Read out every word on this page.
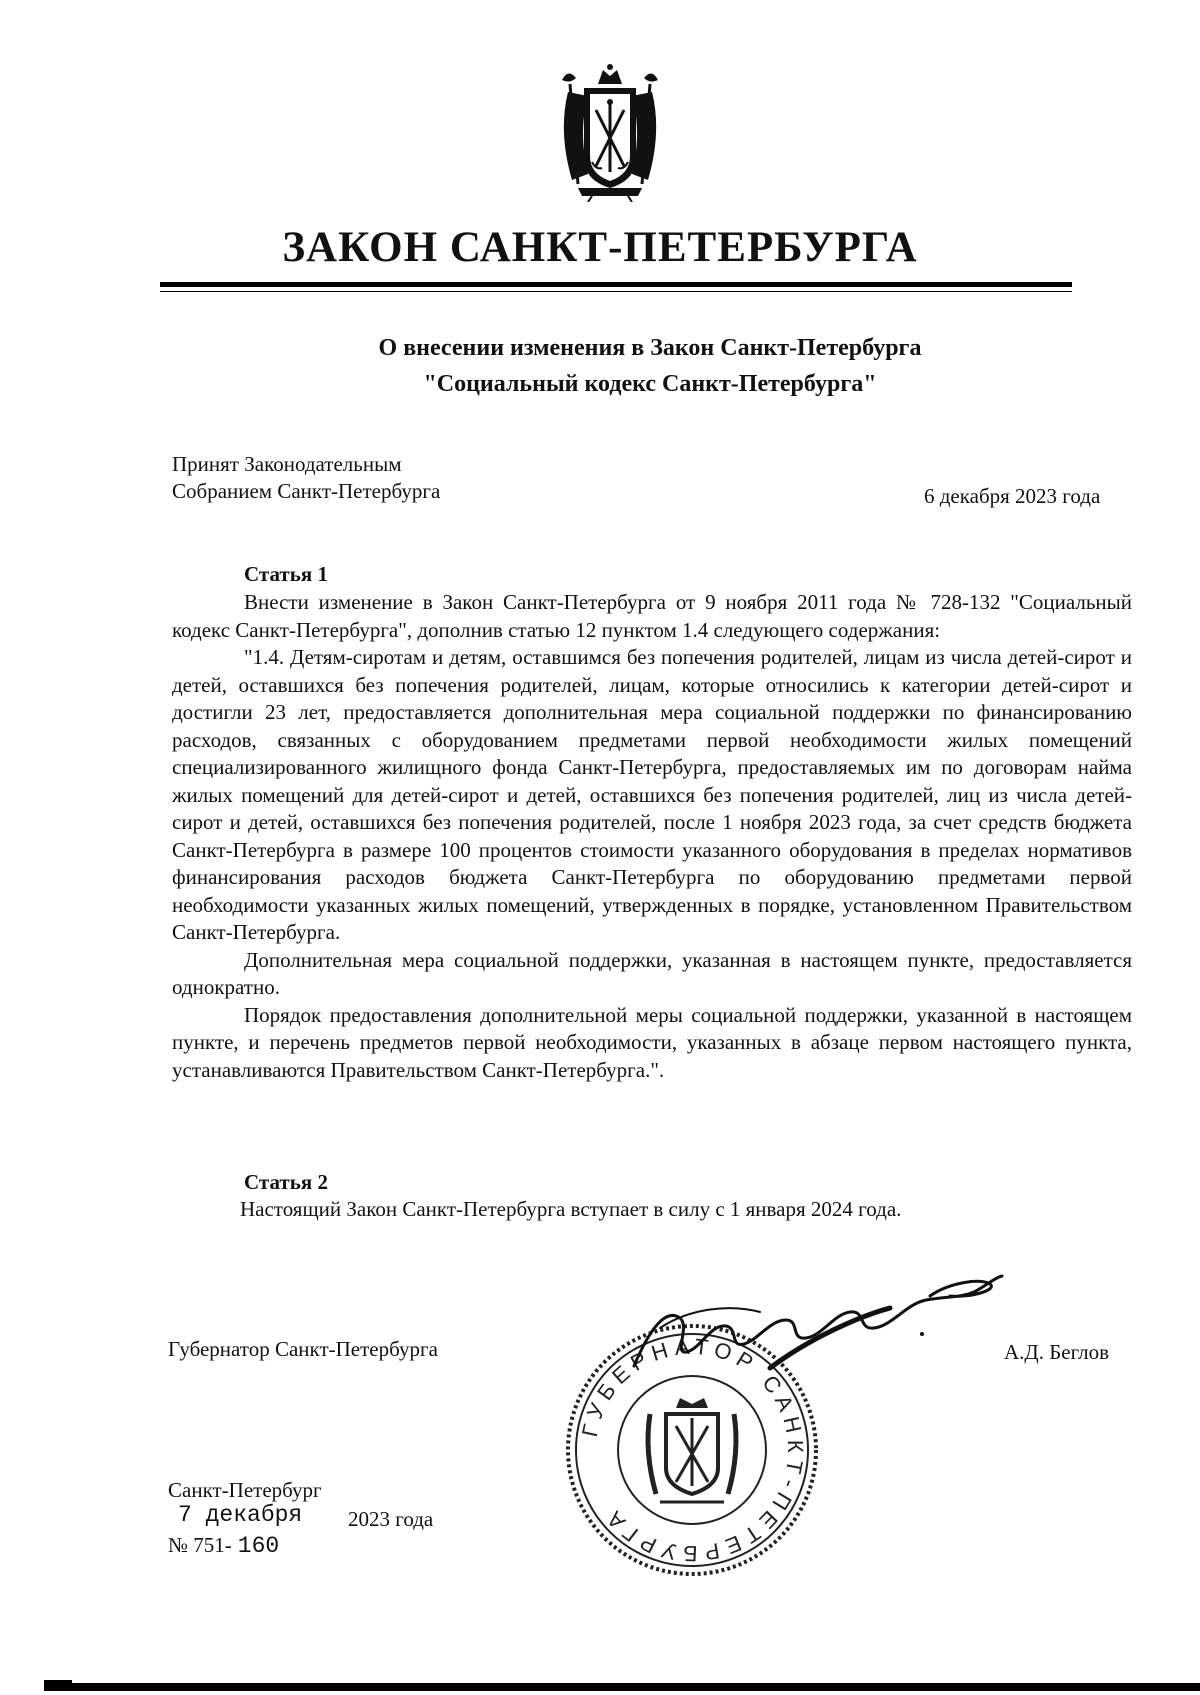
ЗАКОН САНКТ-ПЕТЕРБУРГА
О внесении изменения в Закон Санкт-Петербурга
"Социальный кодекс Санкт-Петербурга"
Принят Законодательным
Собранием Санкт-Петербурга	6 декабря 2023 года
Статья 1

Внести изменение в Закон Санкт-Петербурга от 9 ноября 2011 года № 728-132 "Социальный кодекс Санкт-Петербурга", дополнив статью 12 пунктом 1.4 следующего содержания:

"1.4. Детям-сиротам и детям, оставшимся без попечения родителей, лицам из числа детей-сирот и детей, оставшихся без попечения родителей, лицам, которые относились к категории детей-сирот и достигли 23 лет, предоставляется дополнительная мера социальной поддержки по финансированию расходов, связанных с оборудованием предметами первой необходимости жилых помещений специализированного жилищного фонда Санкт-Петербурга, предоставляемых им по договорам найма жилых помещений для детей-сирот и детей, оставшихся без попечения родителей, лиц из числа детей-сирот и детей, оставшихся без попечения родителей, после 1 ноября 2023 года, за счет средств бюджета Санкт-Петербурга в размере 100 процентов стоимости указанного оборудования в пределах нормативов финансирования расходов бюджета Санкт-Петербурга по оборудованию предметами первой необходимости указанных жилых помещений, утвержденных в порядке, установленном Правительством Санкт-Петербурга.

Дополнительная мера социальной поддержки, указанная в настоящем пункте, предоставляется однократно.

Порядок предоставления дополнительной меры социальной поддержки, указанной в настоящем пункте, и перечень предметов первой необходимости, указанных в абзаце первом настоящего пункта, устанавливаются Правительством Санкт-Петербурга.".

Статья 2
Настоящий Закон Санкт-Петербурга вступает в силу с 1 января 2024 года.
Губернатор Санкт-Петербурга	А.Д. Беглов
ГУБЕРНАТОР САНКТ-ПЕТЕРБУРГА
Санкт-Петербург
7 декабря 2023 года
№ 751- 160
